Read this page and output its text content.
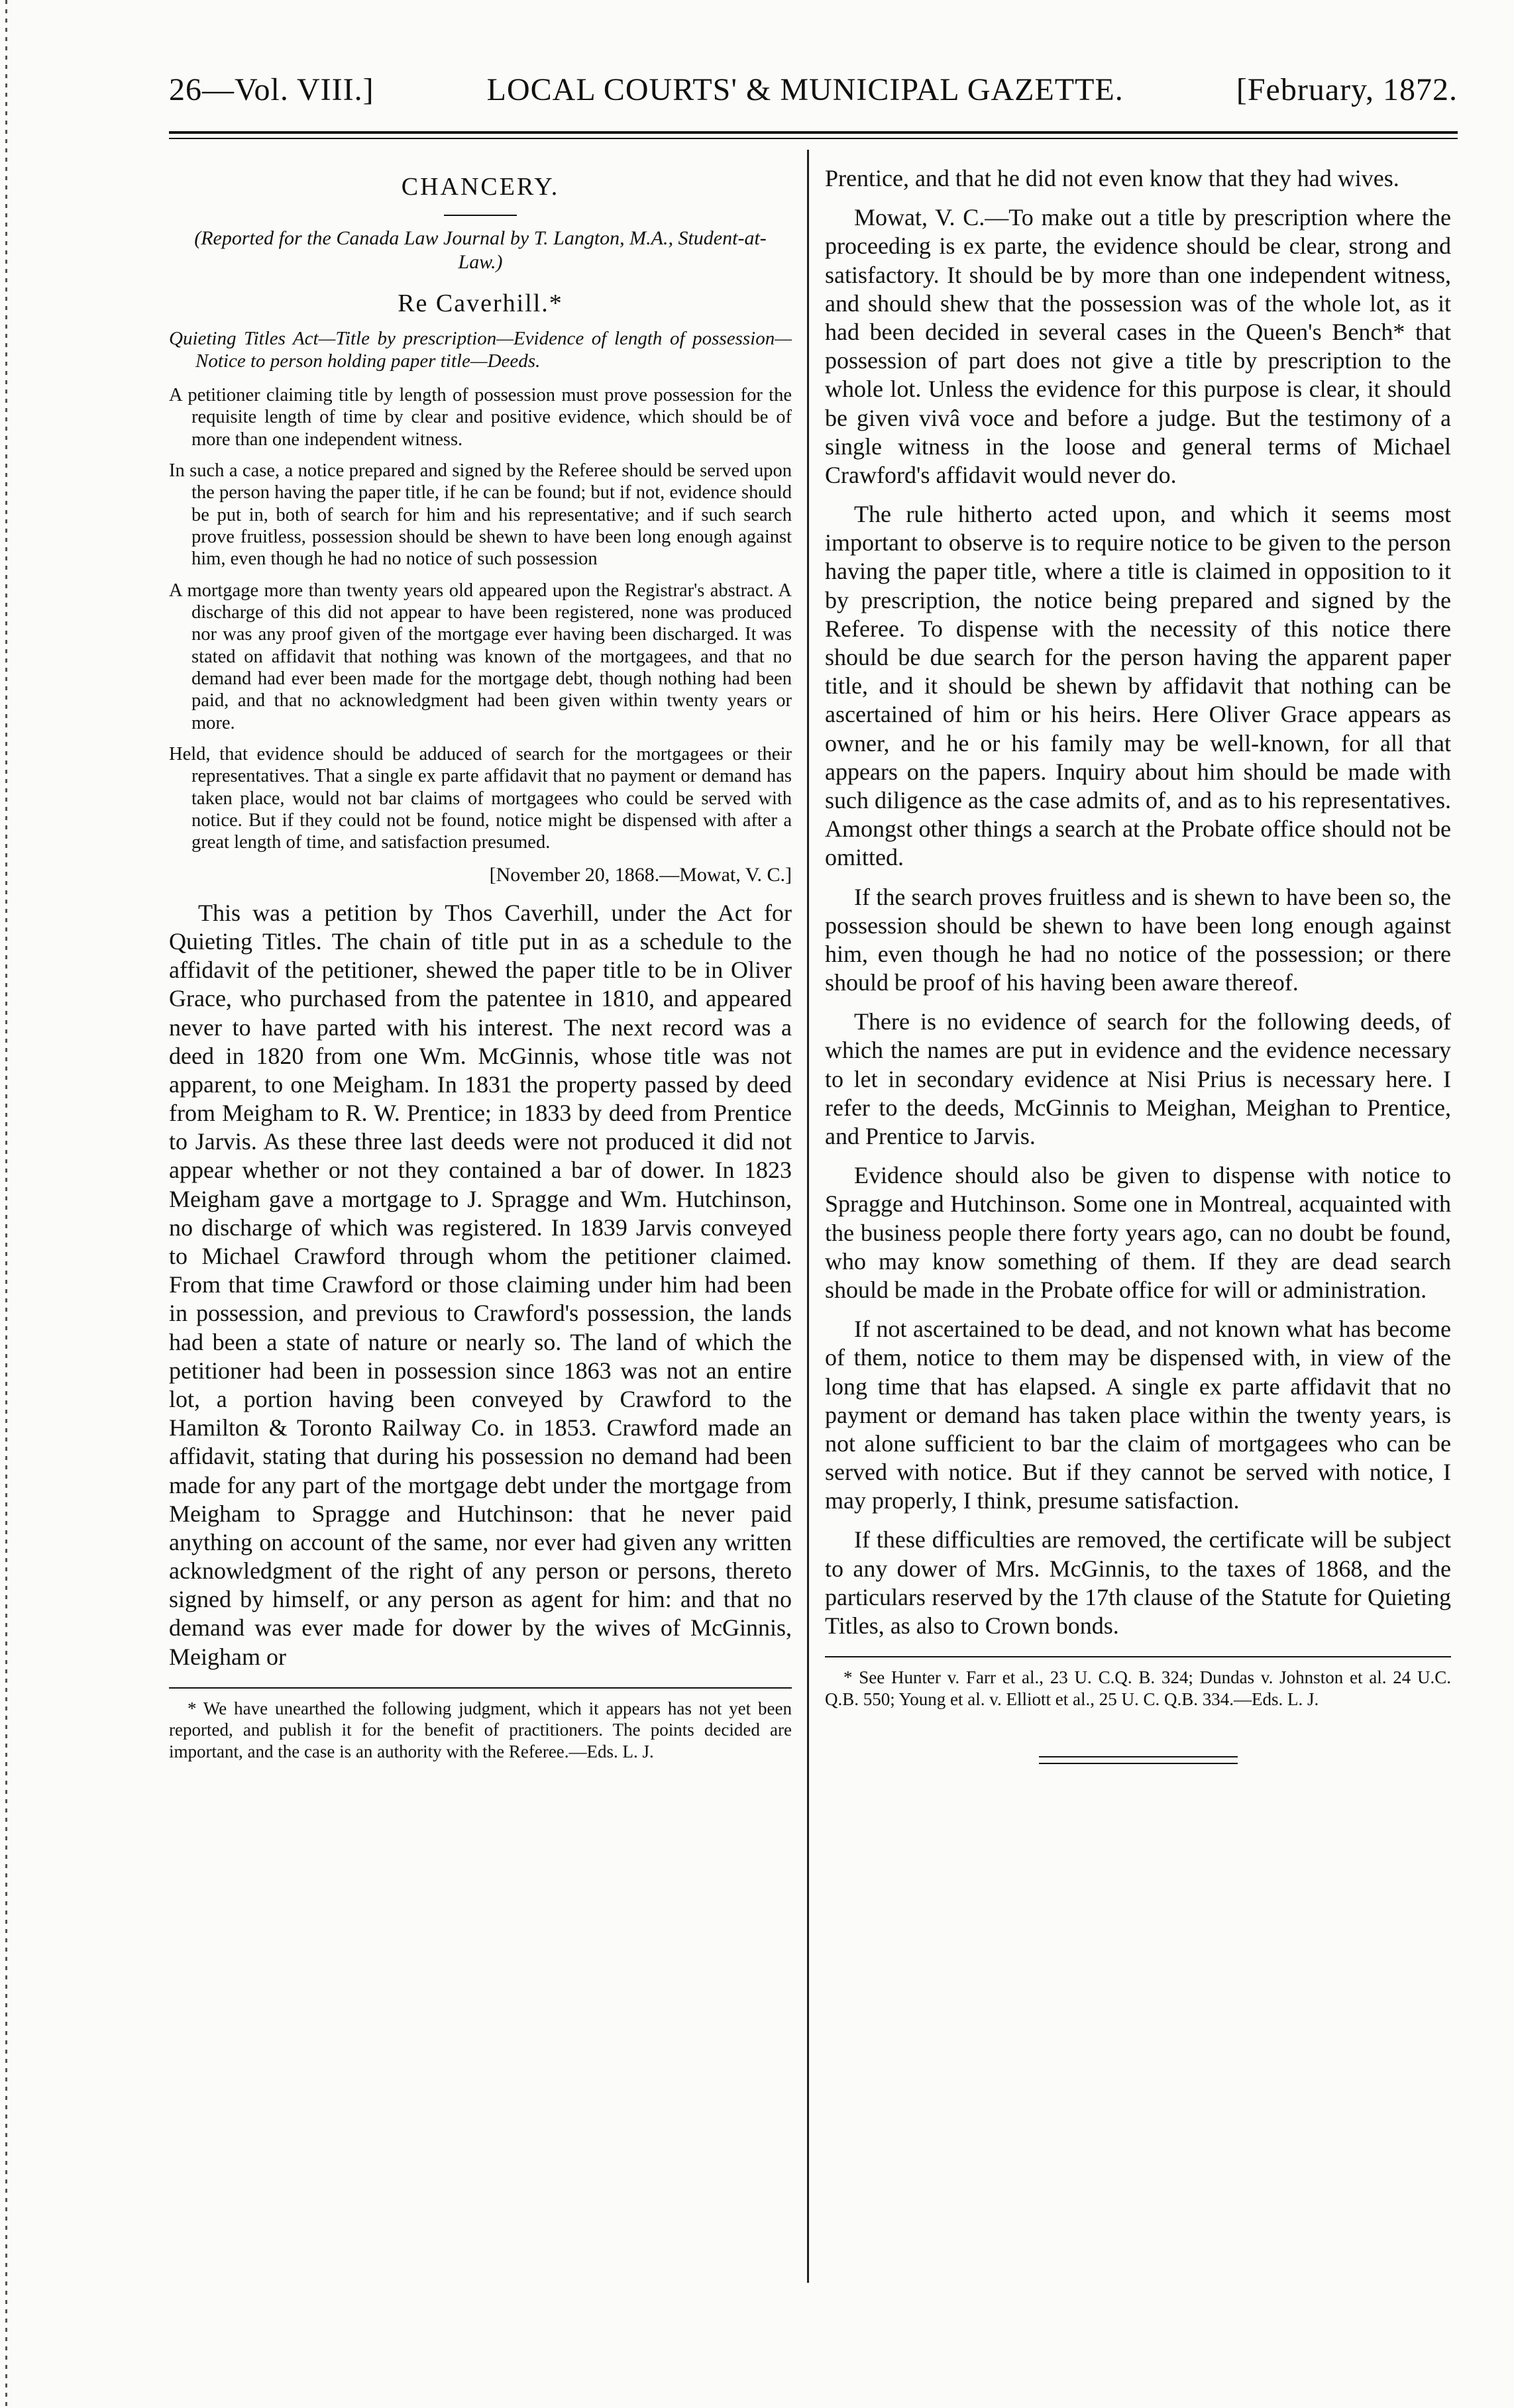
26—Vol. VIII.]	LOCAL COURTS' & MUNICIPAL GAZETTE.	[February, 1872.
CHANCERY.
(Reported for the Canada Law Journal by T. Langton, M.A., Student-at-Law.)
Re Caverhill.*
Quieting Titles Act—Title by prescription—Evidence of length of possession—Notice to person holding paper title—Deeds.
A petitioner claiming title by length of possession must prove possession for the requisite length of time by clear and positive evidence, which should be of more than one independent witness.
In such a case, a notice prepared and signed by the Referee should be served upon the person having the paper title, if he can be found; but if not, evidence should be put in, both of search for him and his representative; and if such search prove fruitless, possession should be shewn to have been long enough against him, even though he had no notice of such possession
A mortgage more than twenty years old appeared upon the Registrar's abstract. A discharge of this did not appear to have been registered, none was produced nor was any proof given of the mortgage ever having been discharged. It was stated on affidavit that nothing was known of the mortgagees, and that no demand had ever been made for the mortgage debt, though nothing had been paid, and that no acknowledgment had been given within twenty years or more.
Held, that evidence should be adduced of search for the mortgagees or their representatives. That a single ex parte affidavit that no payment or demand has taken place, would not bar claims of mortgagees who could be served with notice. But if they could not be found, notice might be dispensed with after a great length of time, and satisfaction presumed.
[November 20, 1868.—Mowat, V. C.]

This was a petition by Thos Caverhill, under the Act for Quieting Titles. The chain of title put in as a schedule to the affidavit of the petitioner, shewed the paper title to be in Oliver Grace, who purchased from the patentee in 1810, and appeared never to have parted with his interest. The next record was a deed in 1820 from one Wm. McGinnis, whose title was not apparent, to one Meigham. In 1831 the property passed by deed from Meigham to R. W. Prentice; in 1833 by deed from Prentice to Jarvis. As these three last deeds were not produced it did not appear whether or not they contained a bar of dower. In 1823 Meigham gave a mortgage to J. Spragge and Wm. Hutchinson, no discharge of which was registered. In 1839 Jarvis conveyed to Michael Crawford through whom the petitioner claimed. From that time Crawford or those claiming under him had been in possession, and previous to Crawford's possession, the lands had been a state of nature or nearly so. The land of which the petitioner had been in possession since 1863 was not an entire lot, a portion having been conveyed by Crawford to the Hamilton & Toronto Railway Co. in 1853. Crawford made an affidavit, stating that during his possession no demand had been made for any part of the mortgage debt under the mortgage from Meigham to Spragge and Hutchinson: that he never paid anything on account of the same, nor ever had given any written acknowledgment of the right of any person or persons, thereto signed by himself, or any person as agent for him: and that no demand was ever made for dower by the wives of McGinnis, Meigham or

* We have unearthed the following judgment, which it appears has not yet been reported, and publish it for the benefit of practitioners. The points decided are important, and the case is an authority with the Referee.—Eds. L. J.

Prentice, and that he did not even know that they had wives.

Mowat, V. C.—To make out a title by prescription where the proceeding is ex parte, the evidence should be clear, strong and satisfactory. It should be by more than one independent witness, and should shew that the possession was of the whole lot, as it had been decided in several cases in the Queen's Bench* that possession of part does not give a title by prescription to the whole lot. Unless the evidence for this purpose is clear, it should be given vivâ voce and before a judge. But the testimony of a single witness in the loose and general terms of Michael Crawford's affidavit would never do.

The rule hitherto acted upon, and which it seems most important to observe is to require notice to be given to the person having the paper title, where a title is claimed in opposition to it by prescription, the notice being prepared and signed by the Referee. To dispense with the necessity of this notice there should be due search for the person having the apparent paper title, and it should be shewn by affidavit that nothing can be ascertained of him or his heirs. Here Oliver Grace appears as owner, and he or his family may be well-known, for all that appears on the papers. Inquiry about him should be made with such diligence as the case admits of, and as to his representatives. Amongst other things a search at the Probate office should not be omitted.

If the search proves fruitless and is shewn to have been so, the possession should be shewn to have been long enough against him, even though he had no notice of the possession; or there should be proof of his having been aware thereof.

There is no evidence of search for the following deeds, of which the names are put in evidence and the evidence necessary to let in secondary evidence at Nisi Prius is necessary here. I refer to the deeds, McGinnis to Meighan, Meighan to Prentice, and Prentice to Jarvis.

Evidence should also be given to dispense with notice to Spragge and Hutchinson. Some one in Montreal, acquainted with the business people there forty years ago, can no doubt be found, who may know something of them. If they are dead search should be made in the Probate office for will or administration.

If not ascertained to be dead, and not known what has become of them, notice to them may be dispensed with, in view of the long time that has elapsed. A single ex parte affidavit that no payment or demand has taken place within the twenty years, is not alone sufficient to bar the claim of mortgagees who can be served with notice. But if they cannot be served with notice, I may properly, I think, presume satisfaction.

If these difficulties are removed, the certificate will be subject to any dower of Mrs. McGinnis, to the taxes of 1868, and the particulars reserved by the 17th clause of the Statute for Quieting Titles, as also to Crown bonds.

* See Hunter v. Farr et al., 23 U. C.Q. B. 324; Dundas v. Johnston et al. 24 U.C. Q.B. 550; Young et al. v. Elliott et al., 25 U. C. Q.B. 334.—Eds. L. J.
